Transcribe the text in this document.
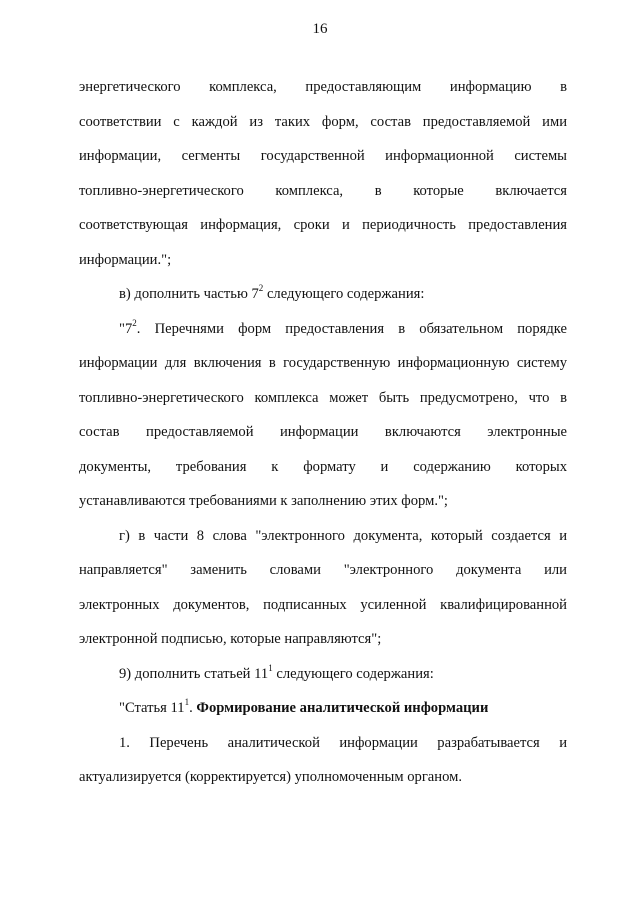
16
энергетического комплекса, предоставляющим информацию в
соответствии с каждой из таких форм, состав предоставляемой ими
информации, сегменты государственной информационной системы
топливно-энергетического комплекса, в которые включается
соответствующая информация, сроки и периодичность предоставления
информации.";
в) дополнить частью $7^2$ следующего содержания:
"$7^2$. Перечнями форм предоставления в обязательном порядке
информации для включения в государственную информационную систему
топливно-энергетического комплекса может быть предусмотрено, что в
состав предоставляемой информации включаются электронные
документы, требования к формату и содержанию которых
устанавливаются требованиями к заполнению этих форм.";
г) в части 8 слова "электронного документа, который создается и
направляется" заменить словами "электронного документа или
электронных документов, подписанных усиленной квалифицированной
электронной подписью, которые направляются";
9) дополнить статьей $11^1$ следующего содержания:
"Статья $11^1$. Формирование аналитической информации
1. Перечень аналитической информации разрабатывается и
актуализируется (корректируется) уполномоченным органом.
